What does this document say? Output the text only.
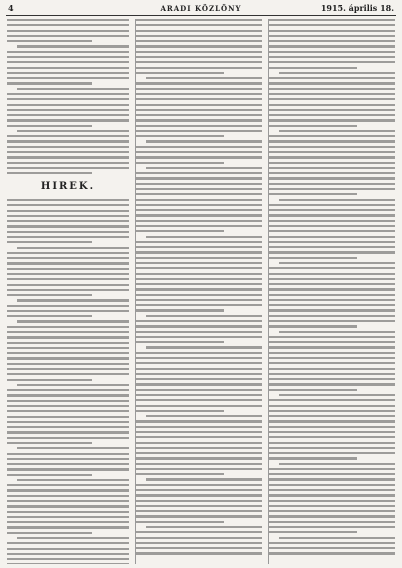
4	ARADI KÖZLÖNY	1915. április 18.
HIREK.
